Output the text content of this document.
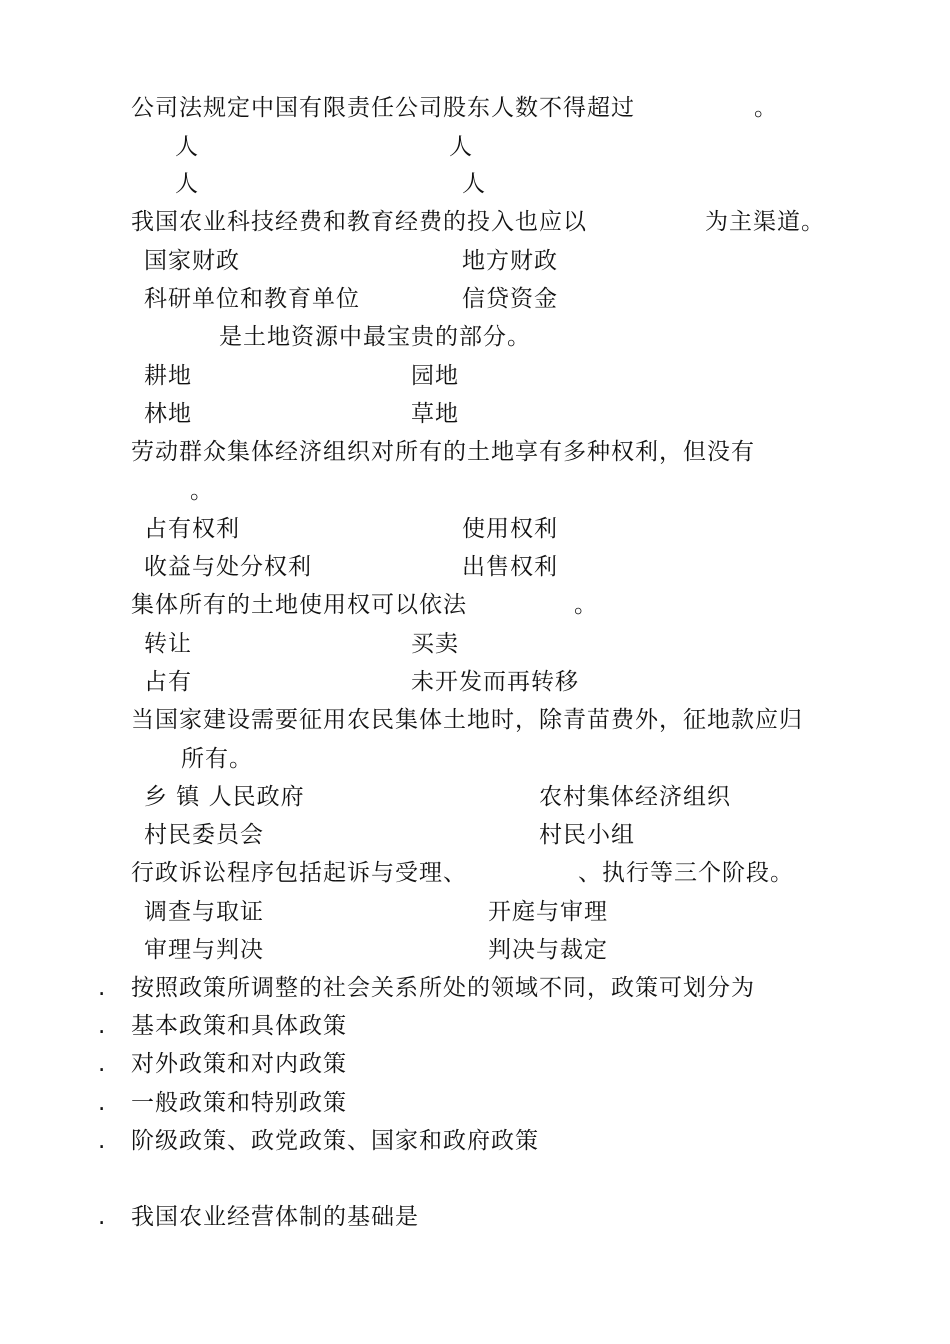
公司法规定中国有限责任公司股东人数不得超过	。
人	人
人	人
我国农业科技经费和教育经费的投入也应以	为主渠道。
国家财政	地方财政
科研单位和教育单位	信贷资金
是土地资源中最宝贵的部分。
耕地	园地
林地	草地
劳动群众集体经济组织对所有的土地享有多种权利，但没有
。
占有权利	使用权利
收益与处分权利	出售权利
集体所有的土地使用权可以依法	。
转让	买卖
占有	未开发而再转移
当国家建设需要征用农民集体土地时，除青苗费外，征地款应归
所有。
乡 镇 人民政府	农村集体经济组织
村民委员会	村民小组
行政诉讼程序包括起诉与受理、	、执行等三个阶段。
调查与取证	开庭与审理
审理与判决	判决与裁定
. 按照政策所调整的社会关系所处的领域不同，政策可划分为
. 基本政策和具体政策
. 对外政策和对内政策
. 一般政策和特别政策
. 阶级政策、政党政策、国家和政府政策
. 我国农业经营体制的基础是
